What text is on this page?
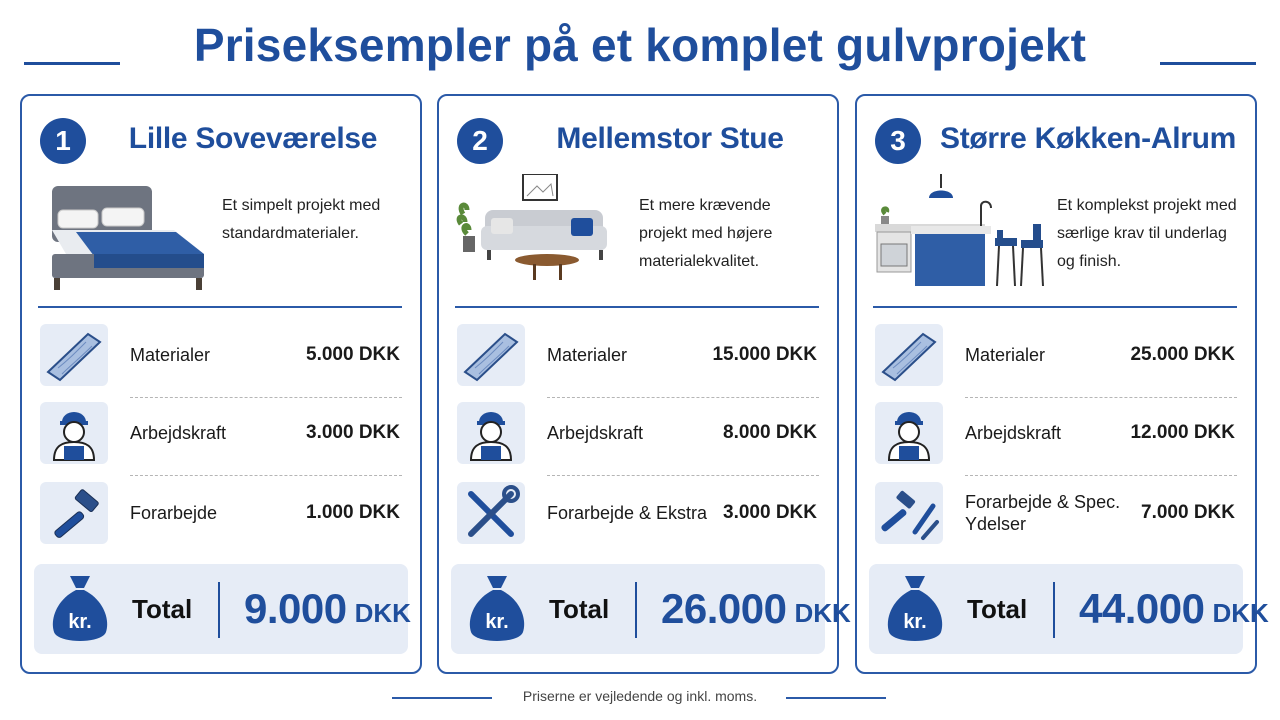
Priseksempler på et komplet gulvprojekt
1	Lille Soveværelse
Et simpelt projekt med standardmaterialer.
Materialer	5.000 DKK
Arbejdskraft	3.000 DKK
Forarbejde	1.000 DKK
kr. Total 9.000 DKK
2	Mellemstor Stue
Et mere krævende projekt med højere materialekvalitet.
Materialer	15.000 DKK
Arbejdskraft	8.000 DKK
Forarbejde & Ekstra 3.000 DKK
kr. Total 26.000 DKK
3	Større Køkken-Alrum
Et komplekst projekt med særlige krav til underlag og finish.
Materialer	25.000 DKK
Arbejdskraft	12.000 DKK
Forarbejde & Spec. Ydelser
7.000 DKK
kr. Total 44.000 DKK
Priserne er vejledende og inkl. moms.
